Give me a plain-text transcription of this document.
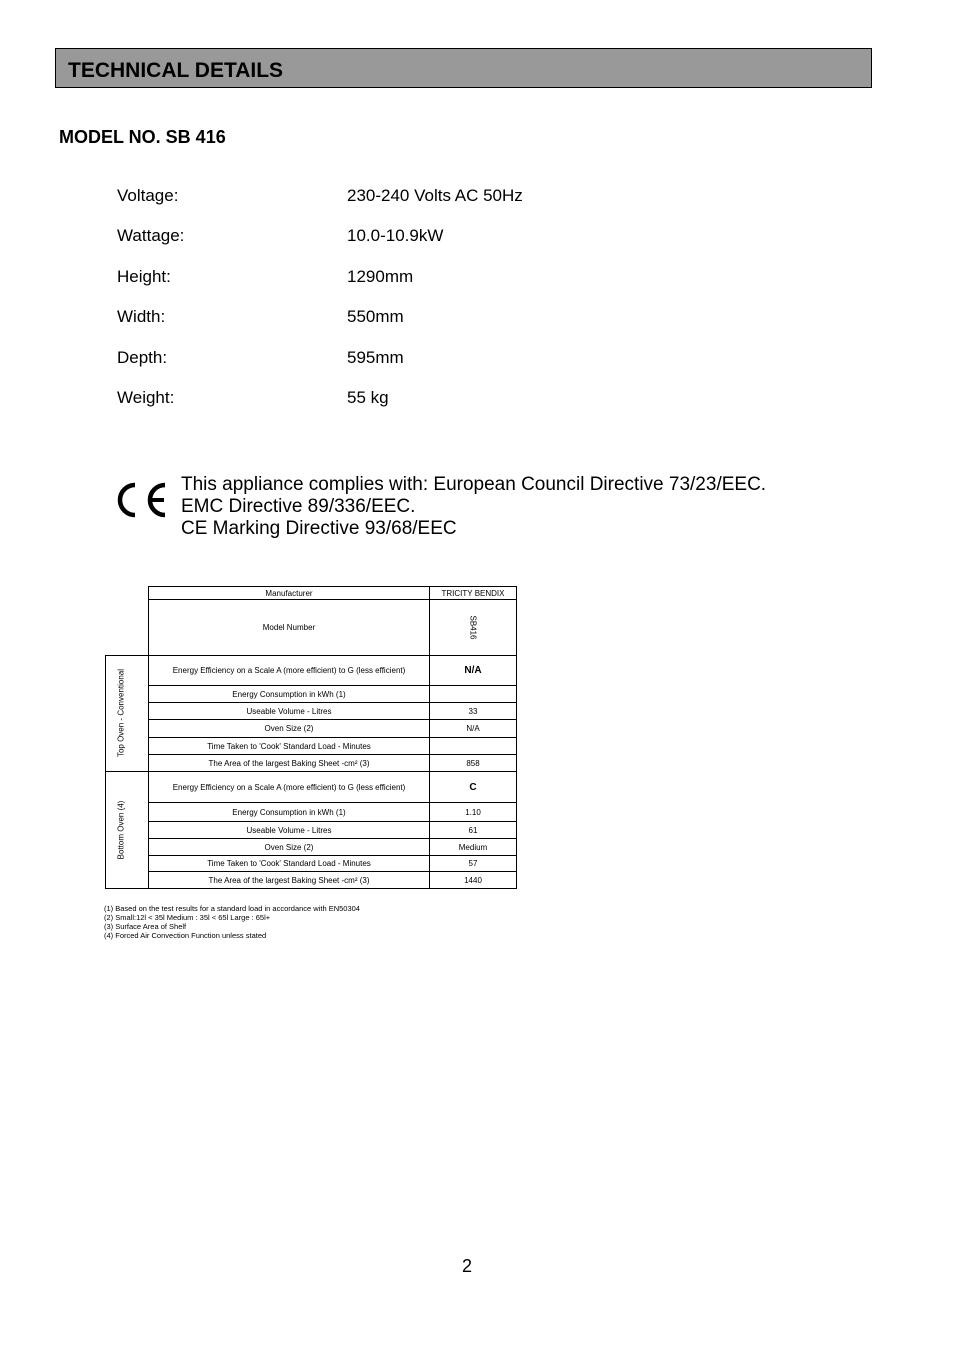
TECHNICAL DETAILS
MODEL NO. SB 416
Voltage:	230-240 Volts AC 50Hz
Wattage:	10.0-10.9kW
Height:	1290mm
Width:	550mm
Depth:	595mm
Weight:	55 kg
This appliance complies with: European Council Directive 73/23/EEC.
EMC Directive 89/336/EEC.
CE Marking Directive 93/68/EEC
Manufacturer	TRICITY BENDIX
Model Number	SB416
Top Oven - Conventional	Energy Efficiency on a Scale A (more efficient) to G (less efficient)	N/A
Energy Consumption in kWh (1)
Useable Volume - Litres	33
Oven Size (2)	N/A
Time Taken to 'Cook' Standard Load - Minutes
The Area of the largest Baking Sheet -cm² (3)	858
Bottom Oven (4)
Energy Efficiency on a Scale A (more efficient) to G (less efficient)	C
Energy Consumption in kWh (1)	1.10
Useable Volume - Litres	61
Oven Size (2)	Medium
Time Taken to 'Cook' Standard Load - Minutes	57
The Area of the largest Baking Sheet -cm² (3)	1440
(1) Based on the test results for a standard load in accordance with EN50304
(2) Small:12l < 35l Medium : 35l < 65l Large : 65l+
(3) Surface Area of Shelf
(4) Forced Air Convection Function unless stated
2
